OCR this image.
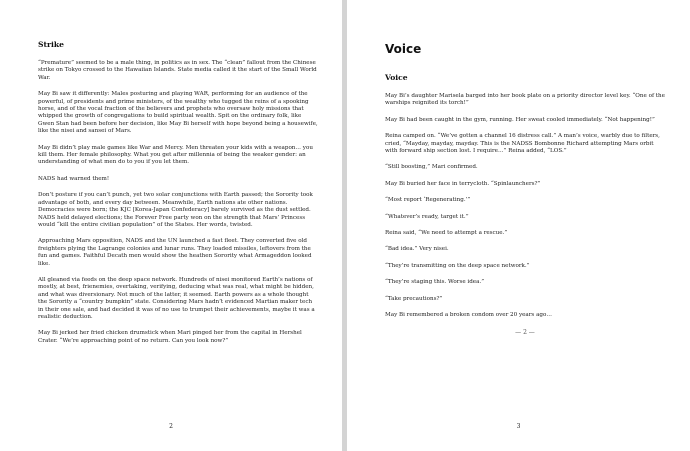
Strike

“Premature” seemed to be a male thing, in politics as in sex. The “clean” fallout from the Chinese strike on Tokyo crossed to the Hawaiian Islands. State media called it the start of the Small World War.

May Bi saw it differently: Males posturing and playing WAR, performing for an audience of the powerful, of presidents and prime ministers, of the wealthy who tugged the reins of a spooking horse, and of the vocal fraction of the believers and prophets who oversaw holy missions that whipped the growth of congregations to build spiritual wealth. Spit on the ordinary folk, like Gwen Stan had been before her decision, like May Bi herself with hope beyond being a housewife, like the nisei and sansei of Mars.

May Bi didn’t play male games like War and Mercy. Men threaten your kids with a weapon… you kill them. Her female philosophy. What you get after millennia of being the weaker gender: an understanding of what men do to you if you let them.

NADS had warned them!

Don’t posture if you can’t punch, yet two solar conjunctions with Earth passed; the Sorority took advantage of both, and every day between. Meanwhile, Earth nations ate other nations. Democracies were born; the KJC [Korea-Japan Confederacy] barely survived as the dust settled. NADS held delayed elections; the Forever Free party won on the strength that Mars’ Princess would “kill the entire civilian population” of the States. Her words, twisted.

Approaching Mars opposition, NADS and the UN launched a fast fleet. They converted five old freighters plying the Lagrange colonies and lunar runs. They loaded missiles, leftovers from the fun and games. Faithful Decath men would show the heathen Sorority what Armageddon looked like.

All gleaned via feeds on the deep space network. Hundreds of nisei monitored Earth’s nations of mostly, at best, frienemies, overtaking, verifying, deducing what was real, what might be hidden, and what was diversionary. Not much of the latter, it seemed. Earth powers as a whole thought the Sorority a “country bumpkin” state. Considering Mars hadn’t evidenced Martian maker tech in their one sale, and had decided it was of no use to trumpet their achievements, maybe it was a realistic deduction.

May Bi jerked her fried chicken drumstick when Mari pinged her from the capital in Hershel Crater. “We’re approaching point of no return. Can you look now?”

2
Voice
Voice

May Bi’s daughter Marisela barged into her book plate on a priority director level key. “One of the warships reignited its torch!”

May Bi had been caught in the gym, running. Her sweat cooled immediately. “Not happening!”

Reina camped on. “We’ve gotten a channel 16 distress call.” A man’s voice, warbly due to filters, cried, “Mayday, mayday, mayday. This is the NADSS Bombonne Richard attempting Mars orbit with forward ship section lost. I require…” Reina added, “LOS.”

“Still boosting,” Mari confirmed.

May Bi buried her face in terrycloth. “Spinlaunchers?”

“Most report ‘Regenerating.’”

“Whatever’s ready, target it.”

Reina said, “We need to attempt a rescue.”

“Bad idea.” Very nisei.

“They’re transmitting on the deep space network.”

“They’re staging this. Worse idea.”

“Take precautions?”

May Bi remembered a broken condom over 20 years ago…

— 2 —
3
